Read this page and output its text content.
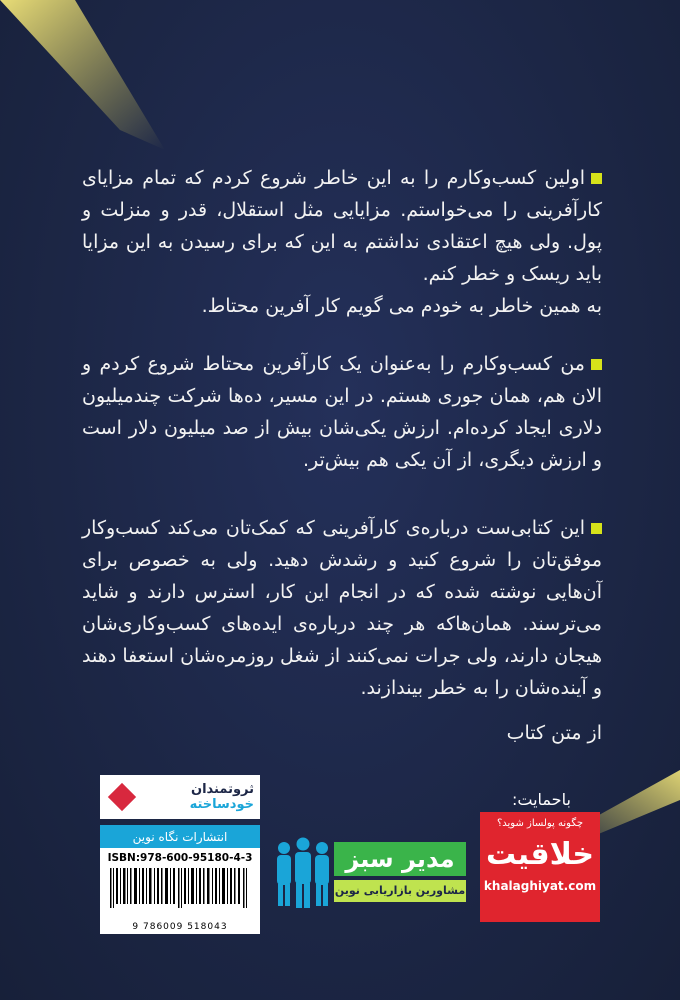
اولین کسب‌وکارم را به این خاطر شروع کردم که تمام مزایای کارآفرینی را می‌خواستم. مزایایی مثل استقلال، قدر و منزلت و پول. ولی هیچ اعتقادی نداشتم به این که برای رسیدن به این مزایا باید ریسک و خطر کنم.

به همین خاطر به خودم می گویم کار آفرین محتاط.

من کسب‌وکارم را به‌عنوان یک کارآفرین محتاط شروع کردم و الان هم، همان جوری هستم. در این مسیر، ده‌ها شرکت چندمیلیون دلاری ایجاد کرده‌ام. ارزش یکی‌شان بیش از صد میلیون دلار است و ارزش دیگری، از آن یکی هم بیش‌تر.

این کتابی‌ست درباره‌ی کارآفرینی که کمک‌تان می‌کند کسب‌وکار موفق‌تان را شروع کنید و رشدش دهید. ولی به خصوص برای آن‌هایی نوشته شده که در انجام این کار، استرس دارند و شاید می‌ترسند. همان‌هاکه هر چند درباره‌ی ایده‌های کسب‌وکاری‌شان هیجان دارند، ولی جرات نمی‌کنند از شغل روزمره‌شان استعفا دهند و آینده‌شان را به خطر بیندازند.

از متن کتاب
ثروتمندان
خودساخته
انتشارات نگاه نوین
ISBN:978-600-95180-4-3
9 786009 518043
مدیر سبز
مشاورین بازاریابی نوین
باحمایت:
چگونه پولساز شوید؟
خلاقیت
khalaghiyat.com
